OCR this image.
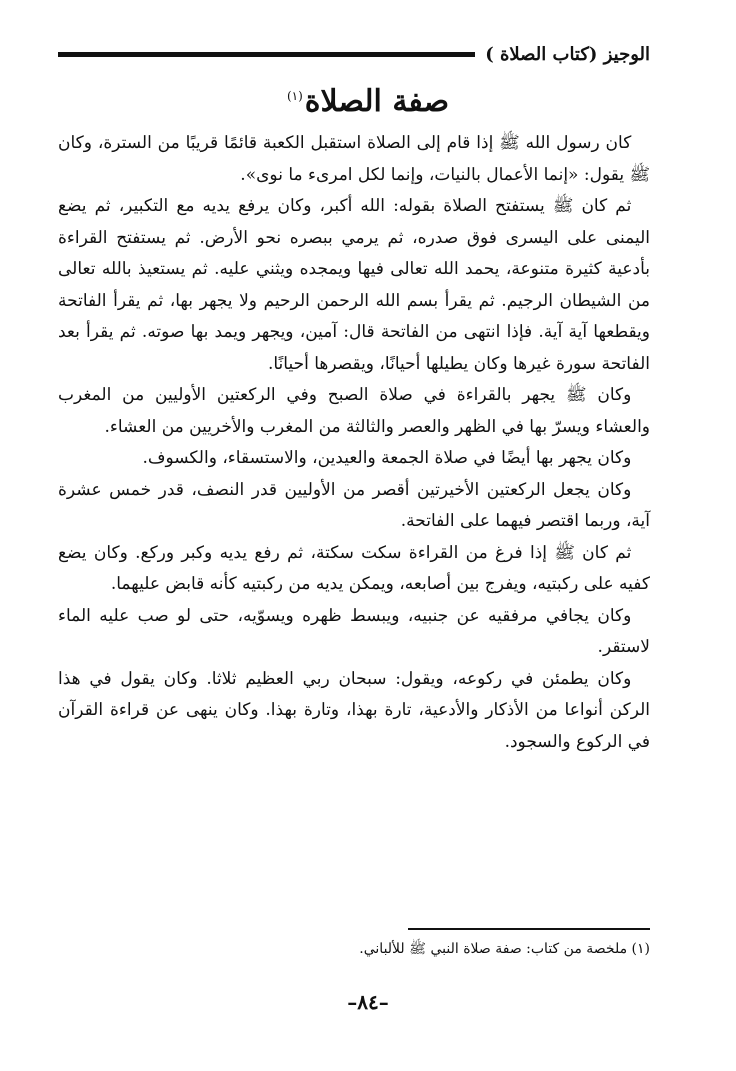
الوجيز (كتاب الصلاة )
صفة الصلاة$^{(١)}$

كان رسول الله ﷺ إذا قام إلى الصلاة استقبل الكعبة قائمًا قريبًا من السترة، وكان ﷺ يقول: «إنما الأعمال بالنيات، وإنما لكل امرىء ما نوى».

ثم كان ﷺ يستفتح الصلاة بقوله: الله أكبر، وكان يرفع يديه مع التكبير، ثم يضع اليمنى على اليسرى فوق صدره، ثم يرمي ببصره نحو الأرض. ثم يستفتح القراءة بأدعية كثيرة متنوعة، يحمد الله تعالى فيها ويمجده ويثني عليه. ثم يستعيذ بالله تعالى من الشيطان الرجيم. ثم يقرأ بسم الله الرحمن الرحيم ولا يجهر بها، ثم يقرأ الفاتحة ويقطعها آية آية. فإذا انتهى من الفاتحة قال: آمين، ويجهر ويمد بها صوته. ثم يقرأ بعد الفاتحة سورة غيرها وكان يطيلها أحيانًا، ويقصرها أحيانًا.

وكان ﷺ يجهر بالقراءة في صلاة الصبح وفي الركعتين الأوليين من المغرب والعشاء ويسرّ بها في الظهر والعصر والثالثة من المغرب والأخريين من العشاء.

وكان يجهر بها أيضًا في صلاة الجمعة والعيدين، والاستسقاء، والكسوف.

وكان يجعل الركعتين الأخيرتين أقصر من الأوليين قدر النصف، قدر خمس عشرة آية، وربما اقتصر فيهما على الفاتحة.

ثم كان ﷺ إذا فرغ من القراءة سكت سكتة، ثم رفع يديه وكبر وركع. وكان يضع كفيه على ركبتيه، ويفرج بين أصابعه، ويمكن يديه من ركبتيه كأنه قابض عليهما.

وكان يجافي مرفقيه عن جنبيه، ويبسط ظهره ويسوّيه، حتى لو صب عليه الماء لاستقر.

وكان يطمئن في ركوعه، ويقول: سبحان ربي العظيم ثلاثا. وكان يقول في هذا الركن أنواعا من الأذكار والأدعية، تارة بهذا، وتارة بهذا. وكان ينهى عن قراءة القرآن في الركوع والسجود.

(١) ملخصة من كتاب: صفة صلاة النبي ﷺ للألباني.
–٨٤–
